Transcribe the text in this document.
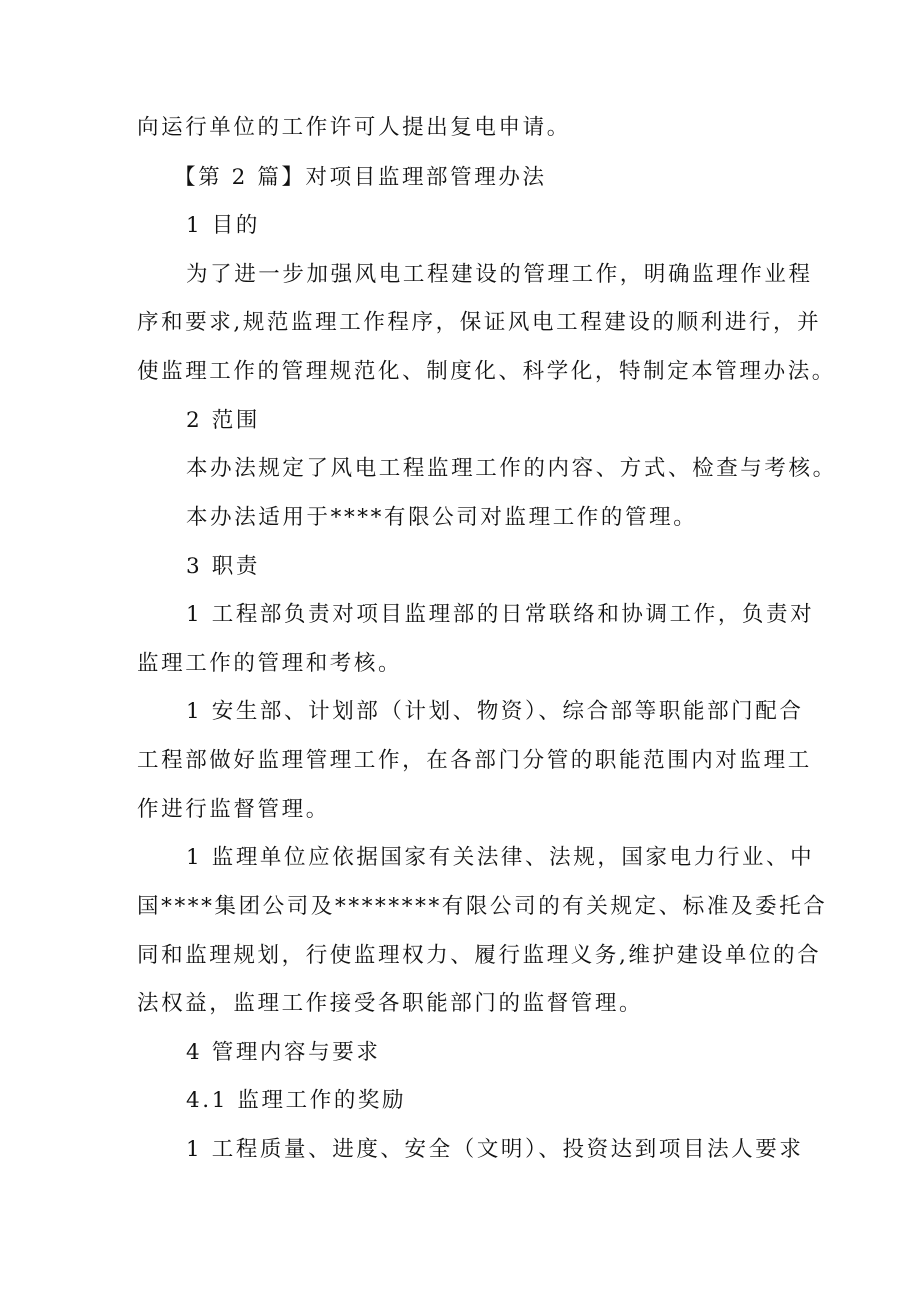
向运行单位的工作许可人提出复电申请。
【第 2 篇】对项目监理部管理办法
1 目的
为了进一步加强风电工程建设的管理工作，明确监理作业程
序和要求,规范监理工作程序，保证风电工程建设的顺利进行，并
使监理工作的管理规范化、制度化、科学化，特制定本管理办法。
2 范围
本办法规定了风电工程监理工作的内容、方式、检查与考核。
本办法适用于****有限公司对监理工作的管理。
3 职责
1 工程部负责对项目监理部的日常联络和协调工作，负责对
监理工作的管理和考核。
1 安生部、计划部（计划、物资）、综合部等职能部门配合
工程部做好监理管理工作，在各部门分管的职能范围内对监理工
作进行监督管理。
1 监理单位应依据国家有关法律、法规，国家电力行业、中
国****集团公司及********有限公司的有关规定、标准及委托合
同和监理规划，行使监理权力、履行监理义务,维护建设单位的合
法权益，监理工作接受各职能部门的监督管理。
4 管理内容与要求
4.1 监理工作的奖励
1 工程质量、进度、安全（文明）、投资达到项目法人要求
